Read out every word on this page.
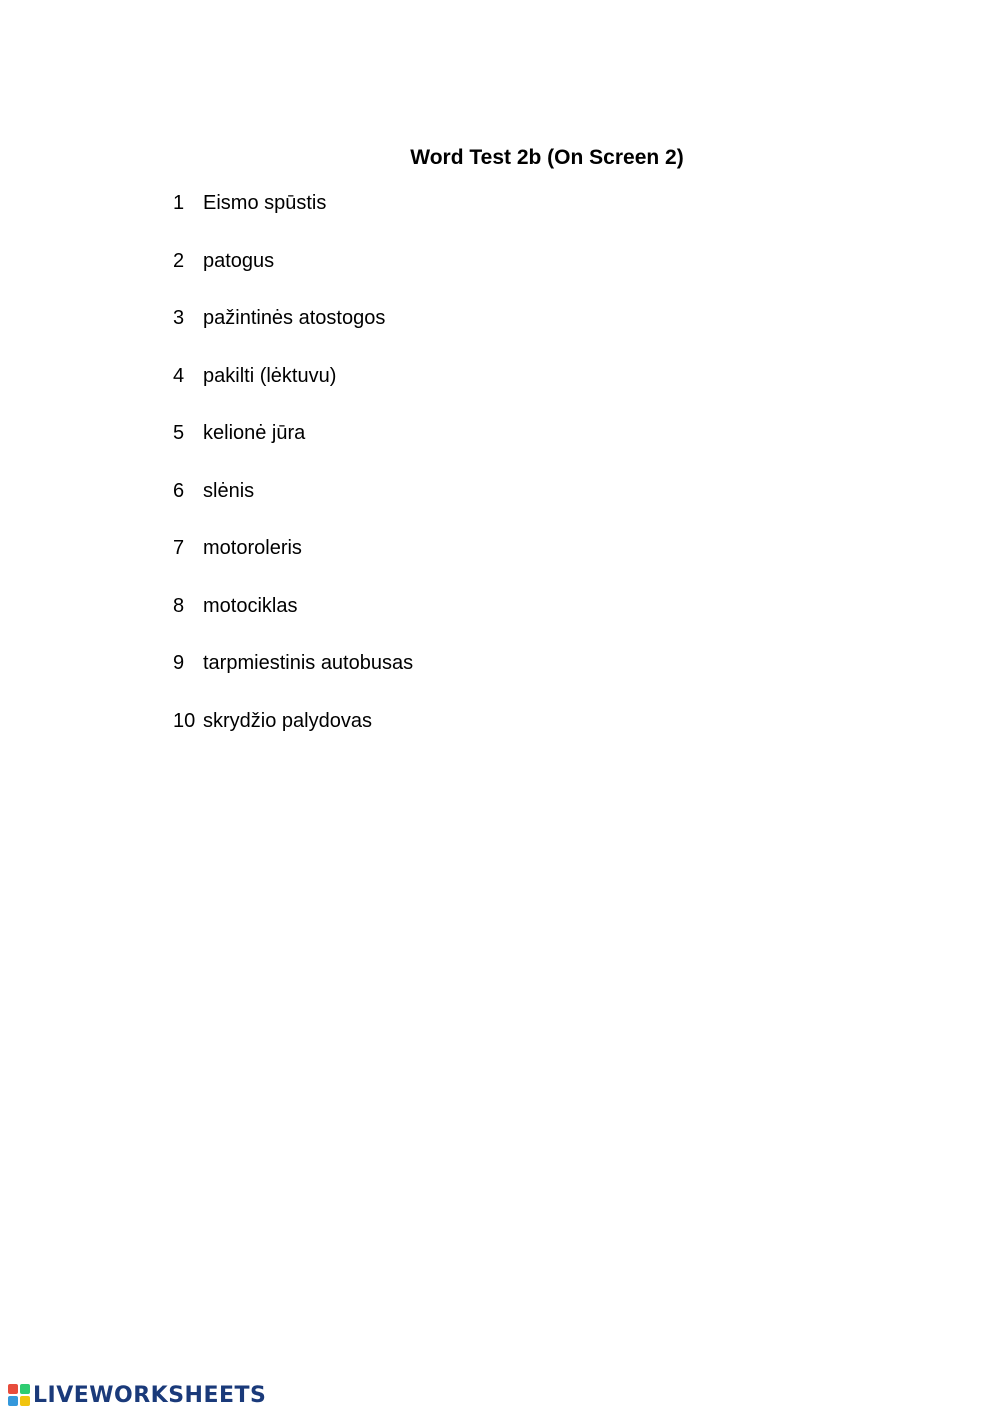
Word Test 2b (On Screen 2)
1 Eismo spūstis
2 patogus
3 pažintinės atostogos
4 pakilti (lėktuvu)
5 kelionė jūra
6 slėnis
7 motoroleris
8 motociklas
9 tarpmiestinis autobusas
10 skrydžio palydovas
LIVEWORKSHEETS
